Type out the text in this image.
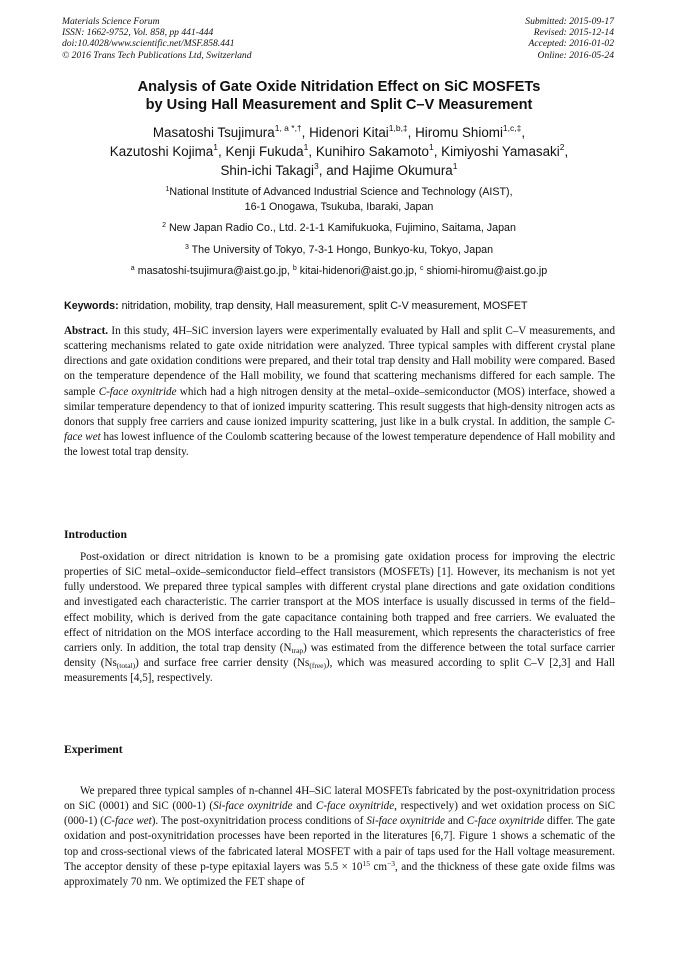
Materials Science Forum
ISSN: 1662-9752, Vol. 858, pp 441-444
doi:10.4028/www.scientific.net/MSF.858.441
© 2016 Trans Tech Publications Ltd, Switzerland
Submitted: 2015-09-17
Revised: 2015-12-14
Accepted: 2016-01-02
Online: 2016-05-24
Analysis of Gate Oxide Nitridation Effect on SiC MOSFETs
by Using Hall Measurement and Split C–V Measurement
Masatoshi Tsujimura$^{1, a *,\dagger}$, Hidenori Kitai$^{1,b,\ddagger}$, Hiromu Shiomi$^{1,c,\ddagger}$,
Kazutoshi Kojima$^1$, Kenji Fukuda$^1$, Kunihiro Sakamoto$^1$, Kimiyoshi Yamasaki$^2$,
Shin-ichi Takagi$^3$, and Hajime Okumura$^1$
$^1$National Institute of Advanced Industrial Science and Technology (AIST),
16-1 Onogawa, Tsukuba, Ibaraki, Japan
$^2$ New Japan Radio Co., Ltd. 2-1-1 Kamifukuoka, Fujimino, Saitama, Japan
$^3$ The University of Tokyo, 7-3-1 Hongo, Bunkyo-ku, Tokyo, Japan
$^a$ masatoshi-tsujimura@aist.go.jp, $^b$ kitai-hidenori@aist.go.jp, $^c$ shiomi-hiromu@aist.go.jp
Keywords: nitridation, mobility, trap density, Hall measurement, split C-V measurement, MOSFET

Abstract. In this study, 4H–SiC inversion layers were experimentally evaluated by Hall and split C–V measurements, and scattering mechanisms related to gate oxide nitridation were analyzed. Three typical samples with different crystal plane directions and gate oxidation conditions were prepared, and their total trap density and Hall mobility were compared. Based on the temperature dependence of the Hall mobility, we found that scattering mechanisms differed for each sample. The sample C-face oxynitride which had a high nitrogen density at the metal–oxide–semiconductor (MOS) interface, showed a similar temperature dependency to that of ionized impurity scattering. This result suggests that high-density nitrogen acts as donors that supply free carriers and cause ionized impurity scattering, just like in a bulk crystal. In addition, the sample C-face wet has lowest influence of the Coulomb scattering because of the lowest temperature dependence of Hall mobility and the lowest total trap density.

Introduction

Post-oxidation or direct nitridation is known to be a promising gate oxidation process for improving the electric properties of SiC metal–oxide–semiconductor field–effect transistors (MOSFETs) [1]. However, its mechanism is not yet fully understood. We prepared three typical samples with different crystal plane directions and gate oxidation conditions and investigated each characteristic. The carrier transport at the MOS interface is usually discussed in terms of the field–effect mobility, which is derived from the gate capacitance containing both trapped and free carriers. We evaluated the effect of nitridation on the MOS interface according to the Hall measurement, which represents the characteristics of free carriers only. In addition, the total trap density $(N_{trap})$ was estimated from the difference between the total surface carrier density $(Ns_{(total)})$ and surface free carrier density $(Ns_{(free)})$, which was measured according to split C–V [2,3] and Hall measurements [4,5], respectively.

Experiment

We prepared three typical samples of n-channel 4H–SiC lateral MOSFETs fabricated by the post-oxynitridation process on SiC (0001) and SiC (000-1) (Si-face oxynitride and C-face oxynitride, respectively) and wet oxidation process on SiC (000-1) (C-face wet). The post-oxynitridation process conditions of Si-face oxynitride and C-face oxynitride differ. The gate oxidation and post-oxynitridation processes have been reported in the literatures [6,7]. Figure 1 shows a schematic of the top and cross-sectional views of the fabricated lateral MOSFET with a pair of taps used for the Hall voltage measurement. The acceptor density of these p-type epitaxial layers was $5.5 \times 10^{15}$ $cm^{-3}$, and the thickness of these gate oxide films was approximately 70 nm. We optimized the FET shape of
